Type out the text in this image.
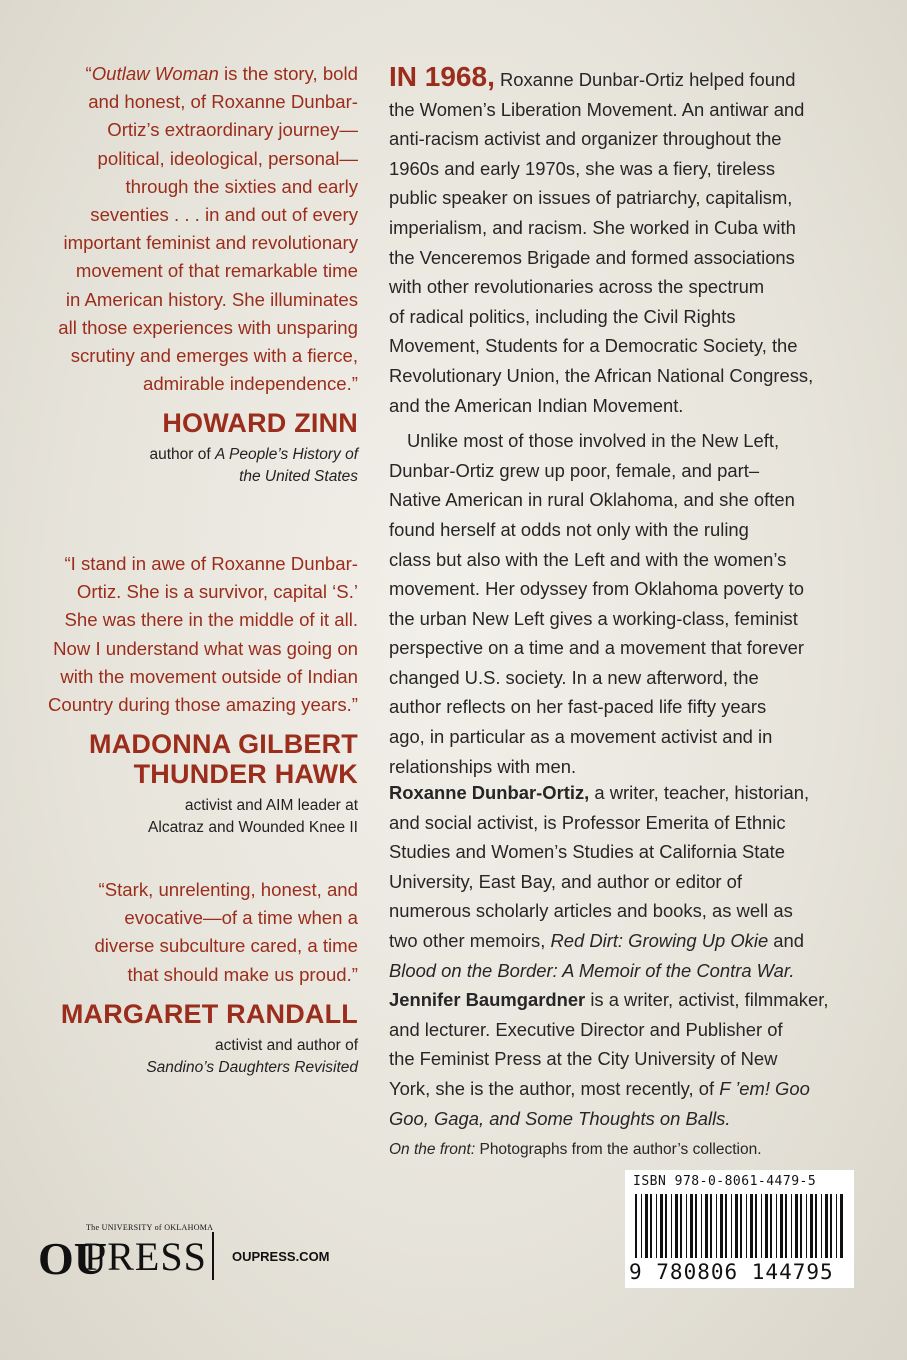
“Outlaw Woman is the story, bold
and honest, of Roxanne Dunbar-
Ortiz’s extraordinary journey—
political, ideological, personal—
through the sixties and early
seventies . . . in and out of every
important feminist and revolutionary
movement of that remarkable time
in American history. She illuminates
all those experiences with unsparing
scrutiny and emerges with a fierce,
admirable independence.”
HOWARD ZINN
author of A People’s History of
the United States
“I stand in awe of Roxanne Dunbar-
Ortiz. She is a survivor, capital ‘S.’
She was there in the middle of it all.
Now I understand what was going on
with the movement outside of Indian
Country during those amazing years.”
MADONNA GILBERT
THUNDER HAWK
activist and AIM leader at
Alcatraz and Wounded Knee II
“Stark, unrelenting, honest, and
evocative—of a time when a
diverse subculture cared, a time
that should make us proud.”
MARGARET RANDALL
activist and author of
Sandino’s Daughters Revisited

IN 1968, Roxanne Dunbar-Ortiz helped found
the Women’s Liberation Movement. An antiwar and
anti-racism activist and organizer throughout the
1960s and early 1970s, she was a fiery, tireless
public speaker on issues of patriarchy, capitalism,
imperialism, and racism. She worked in Cuba with
the Venceremos Brigade and formed associations
with other revolutionaries across the spectrum
of radical politics, including the Civil Rights
Movement, Students for a Democratic Society, the
Revolutionary Union, the African National Congress,
and the American Indian Movement.

Unlike most of those involved in the New Left,
Dunbar-Ortiz grew up poor, female, and part–
Native American in rural Oklahoma, and she often
found herself at odds not only with the ruling
class but also with the Left and with the women’s
movement. Her odyssey from Oklahoma poverty to
the urban New Left gives a working-class, feminist
perspective on a time and a movement that forever
changed U.S. society. In a new afterword, the
author reflects on her fast-paced life fifty years
ago, in particular as a movement activist and in
relationships with men.

Roxanne Dunbar-Ortiz, a writer, teacher, historian,
and social activist, is Professor Emerita of Ethnic
Studies and Women’s Studies at California State
University, East Bay, and author or editor of
numerous scholarly articles and books, as well as
two other memoirs, Red Dirt: Growing Up Okie and
Blood on the Border: A Memoir of the Contra War.

Jennifer Baumgardner is a writer, activist, filmmaker,
and lecturer. Executive Director and Publisher of
the Feminist Press at the City University of New
York, she is the author, most recently, of F ’em! Goo
Goo, Gaga, and Some Thoughts on Balls.

On the front: Photographs from the author’s collection.

ISBN 978-0-8061-4479-5
9 780806 144795
OU
The UNIVERSITY of OKLAHOMA
PRESS OUPRESS.COM
